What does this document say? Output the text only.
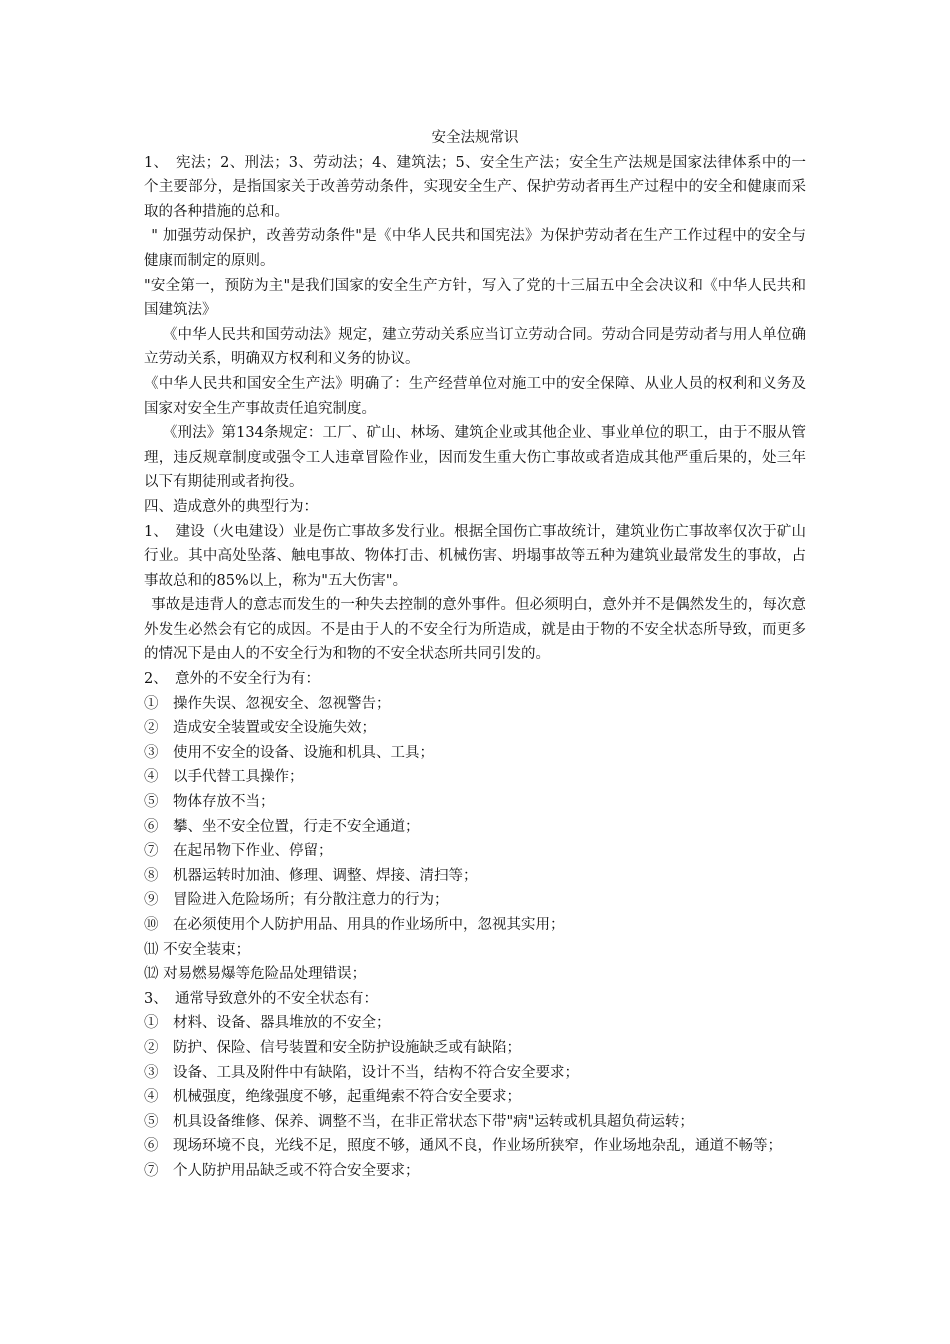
安全法规常识

1、　宪法；2、刑法；3、劳动法；4、建筑法；5、安全生产法；安全生产法规是国家法律体系中的一个主要部分，是指国家关于改善劳动条件，实现安全生产、保护劳动者再生产过程中的安全和健康而采取的各种措施的总和。

" 加强劳动保护，改善劳动条件"是《中华人民共和国宪法》为保护劳动者在生产工作过程中的安全与健康而制定的原则。

"安全第一，预防为主"是我们国家的安全生产方针，写入了党的十三届五中全会决议和《中华人民共和国建筑法》

《中华人民共和国劳动法》规定，建立劳动关系应当订立劳动合同。劳动合同是劳动者与用人单位确立劳动关系，明确双方权利和义务的协议。

《中华人民共和国安全生产法》明确了：生产经营单位对施工中的安全保障、从业人员的权利和义务及国家对安全生产事故责任追究制度。

《刑法》第134条规定：工厂、矿山、林场、建筑企业或其他企业、事业单位的职工，由于不服从管理，违反规章制度或强令工人违章冒险作业，因而发生重大伤亡事故或者造成其他严重后果的，处三年以下有期徒刑或者拘役。

四、造成意外的典型行为：

1、　建设（火电建设）业是伤亡事故多发行业。根据全国伤亡事故统计，建筑业伤亡事故率仅次于矿山行业。其中高处坠落、触电事故、物体打击、机械伤害、坍塌事故等五种为建筑业最常发生的事故，占事故总和的85%以上，称为"五大伤害"。

事故是违背人的意志而发生的一种失去控制的意外事件。但必须明白，意外并不是偶然发生的，每次意外发生必然会有它的成因。不是由于人的不安全行为所造成，就是由于物的不安全状态所导致，而更多的情况下是由人的不安全行为和物的不安全状态所共同引发的。

2、　意外的不安全行为有：

①　操作失误、忽视安全、忽视警告；

②　造成安全装置或安全设施失效；

③　使用不安全的设备、设施和机具、工具；

④　以手代替工具操作；

⑤　物体存放不当；

⑥　攀、坐不安全位置，行走不安全通道；

⑦　在起吊物下作业、停留；

⑧　机器运转时加油、修理、调整、焊接、清扫等；

⑨　冒险进入危险场所；有分散注意力的行为；

⑩　在必须使用个人防护用品、用具的作业场所中，忽视其实用；

⑾ 不安全装束；

⑿ 对易燃易爆等危险品处理错误；

3、　通常导致意外的不安全状态有：

①　材料、设备、器具堆放的不安全；

②　防护、保险、信号装置和安全防护设施缺乏或有缺陷；

③　设备、工具及附件中有缺陷，设计不当，结构不符合安全要求；

④　机械强度，绝缘强度不够，起重绳索不符合安全要求；

⑤　机具设备维修、保养、调整不当，在非正常状态下带"病"运转或机具超负荷运转；

⑥　现场环境不良，光线不足，照度不够，通风不良，作业场所狭窄，作业场地杂乱，通道不畅等；

⑦　个人防护用品缺乏或不符合安全要求；
